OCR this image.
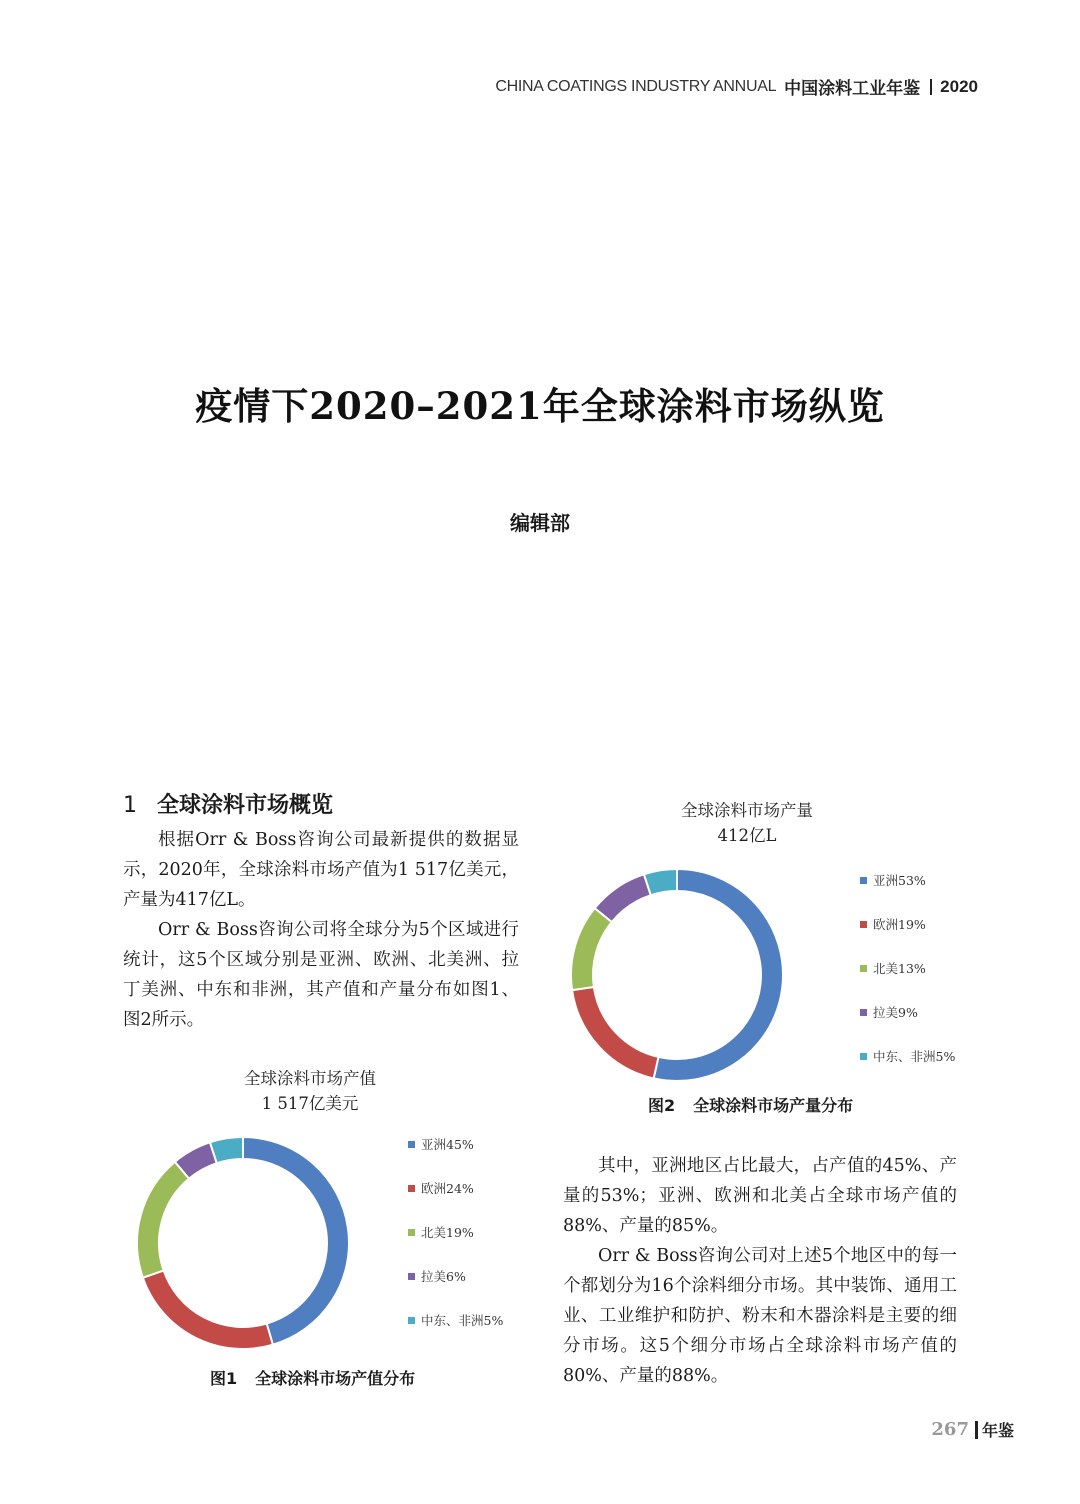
CHINA COATINGS INDUSTRY ANNUAL 中国涂料工业年鉴 2020
疫情下2020–2021年全球涂料市场纵览
编辑部
1 全球涂料市场概览

根据Orr & Boss咨询公司最新提供的数据显示，2020年，全球涂料市场产值为1 517亿美元，产量为417亿L。

Orr & Boss咨询公司将全球分为5个区域进行统计，这5个区域分别是亚洲、欧洲、北美洲、拉丁美洲、中东和非洲，其产值和产量分布如图1、图2所示。

全球涂料市场产值
1 517亿美元
亚洲45%
欧洲24%
北美19%
拉美6%
中东、非洲5%
图1 全球涂料市场产值分布
全球涂料市场产量
412亿L
亚洲53%
欧洲19%
北美13%
拉美9%
中东、非洲5%
图2 全球涂料市场产量分布

其中，亚洲地区占比最大，占产值的45%、产量的53%；亚洲、欧洲和北美占全球市场产值的88%、产量的85%。

Orr & Boss咨询公司对上述5个地区中的每一个都划分为16个涂料细分市场。其中装饰、通用工业、工业维护和防护、粉末和木器涂料是主要的细分市场。这5个细分市场占全球涂料市场产值的80%、产量的88%。

267 年鉴
